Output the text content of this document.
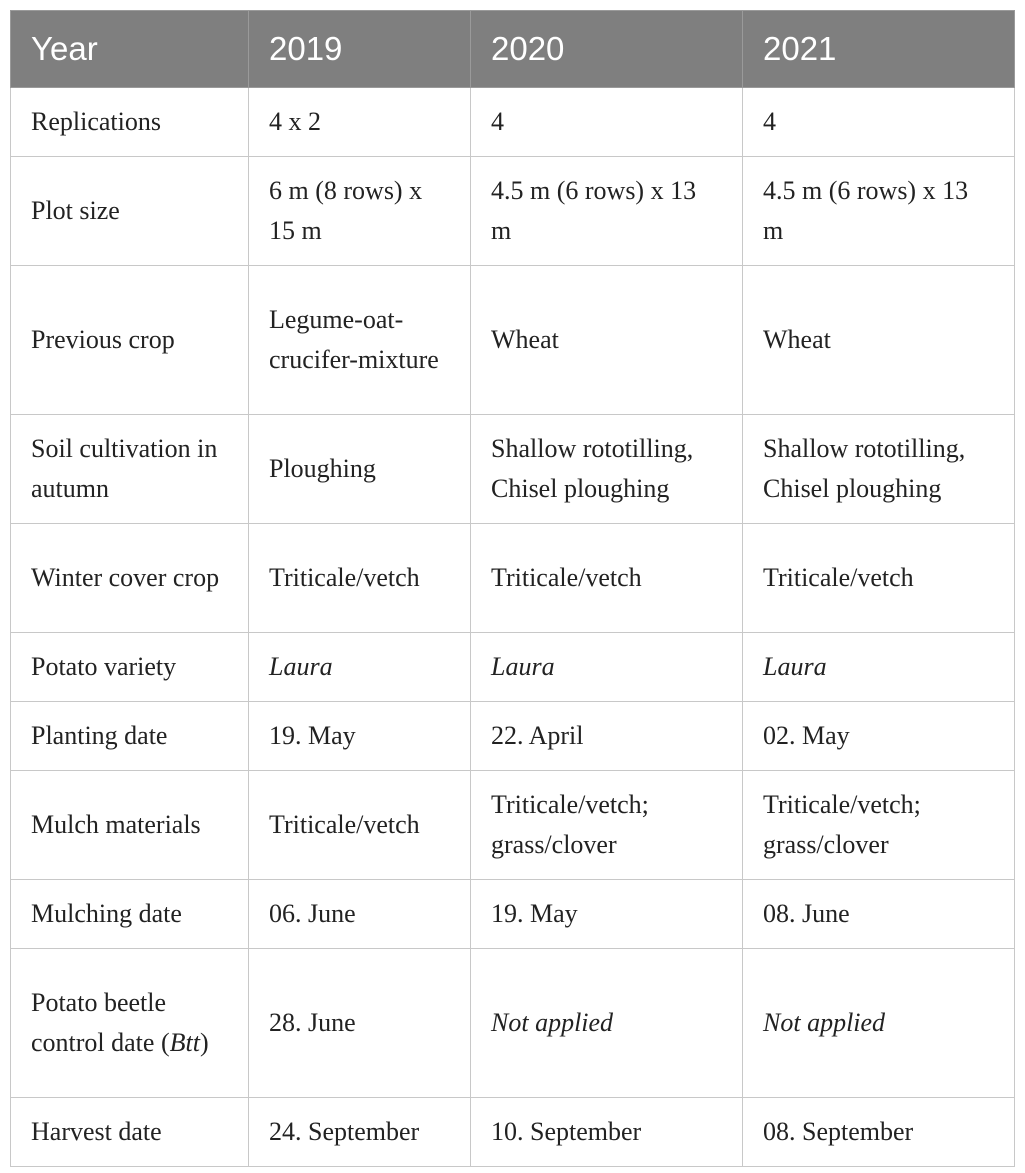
Year	2019	2020	2021
Replications	4 x 2	4	4
Plot size	6 m (8 rows) x 15 m	4.5 m (6 rows) x 13 m	4.5 m (6 rows) x 13 m
Previous crop	Legume-oat-crucifer-mixture	Wheat	Wheat
Soil cultivation in autumn	Ploughing	Shallow rototilling, Chisel ploughing	Shallow rototilling, Chisel ploughing
Winter cover crop	Triticale/vetch	Triticale/vetch	Triticale/vetch
Potato variety	Laura	Laura	Laura
Planting date	19. May	22. April	02. May
Mulch materials	Triticale/vetch	Triticale/vetch; grass/clover	Triticale/vetch; grass/clover
Mulching date	06. June	19. May	08. June
Potato beetle control date (Btt)	28. June	Not applied	Not applied
Harvest date	24. September	10. September	08. September
